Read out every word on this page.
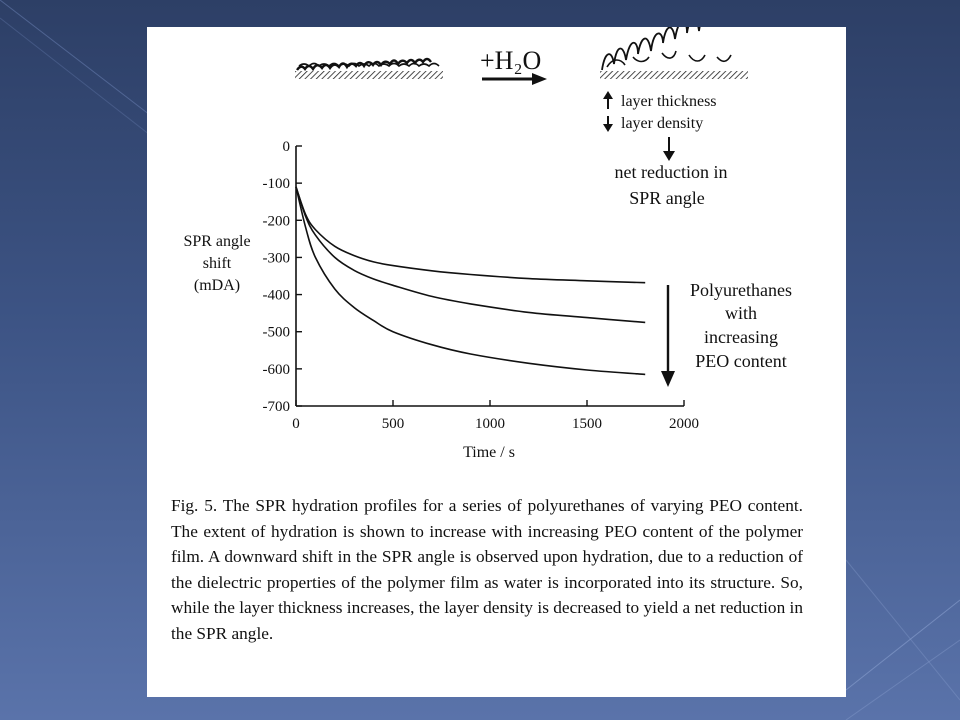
+H₂O
layer thickness
layer density
net reduction in
SPR angle
SPR angle
shift
(mDA)
0
-100
-200
-300
-400
-500
-600
-700
0	500	1000	1500	2000
Time / s
Polyurethanes
with
increasing
PEO content

Fig. 5. The SPR hydration profiles for a series of polyurethanes of varying PEO content. The extent of hydration is shown to increase with increasing PEO content of the polymer film. A downward shift in the SPR angle is observed upon hydration, due to a reduction of the dielectric properties of the polymer film as water is incorporated into its structure. So, while the layer thickness increases, the layer density is decreased to yield a net reduction in the SPR angle.
